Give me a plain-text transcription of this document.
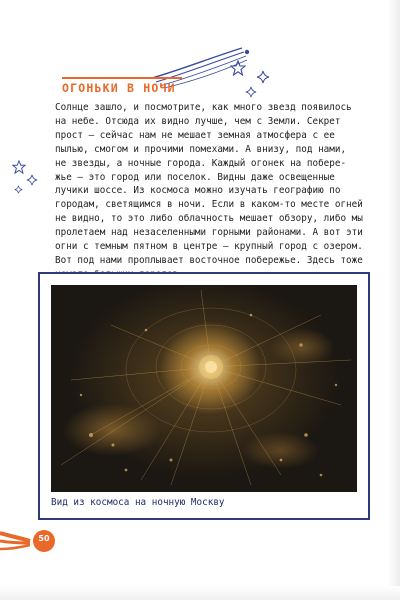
ОГОНЬКИ В НОЧИ

Солнце зашло, и посмотрите, как много звезд появилось
на небе. Отсюда их видно лучше, чем с Земли. Секрет
прост — сейчас нам не мешает земная атмосфера с ее
пылью, смогом и прочими помехами. А внизу, под нами,
не звезды, а ночные города. Каждый огонек на побере-
жье — это город или поселок. Видны даже освещенные
лучики шоссе. Из космоса можно изучать географию по
городам, светящимся в ночи. Если в каком-то месте огней
не видно, то это либо облачность мешает обзору, либо мы
пролетаем над незаселенными горными районами. А вот эти
огни с темным пятном в центре — крупный город с озером.
Вот под нами проплывает восточное побережье. Здесь тоже

Вид из космоса на ночную Москву
50
